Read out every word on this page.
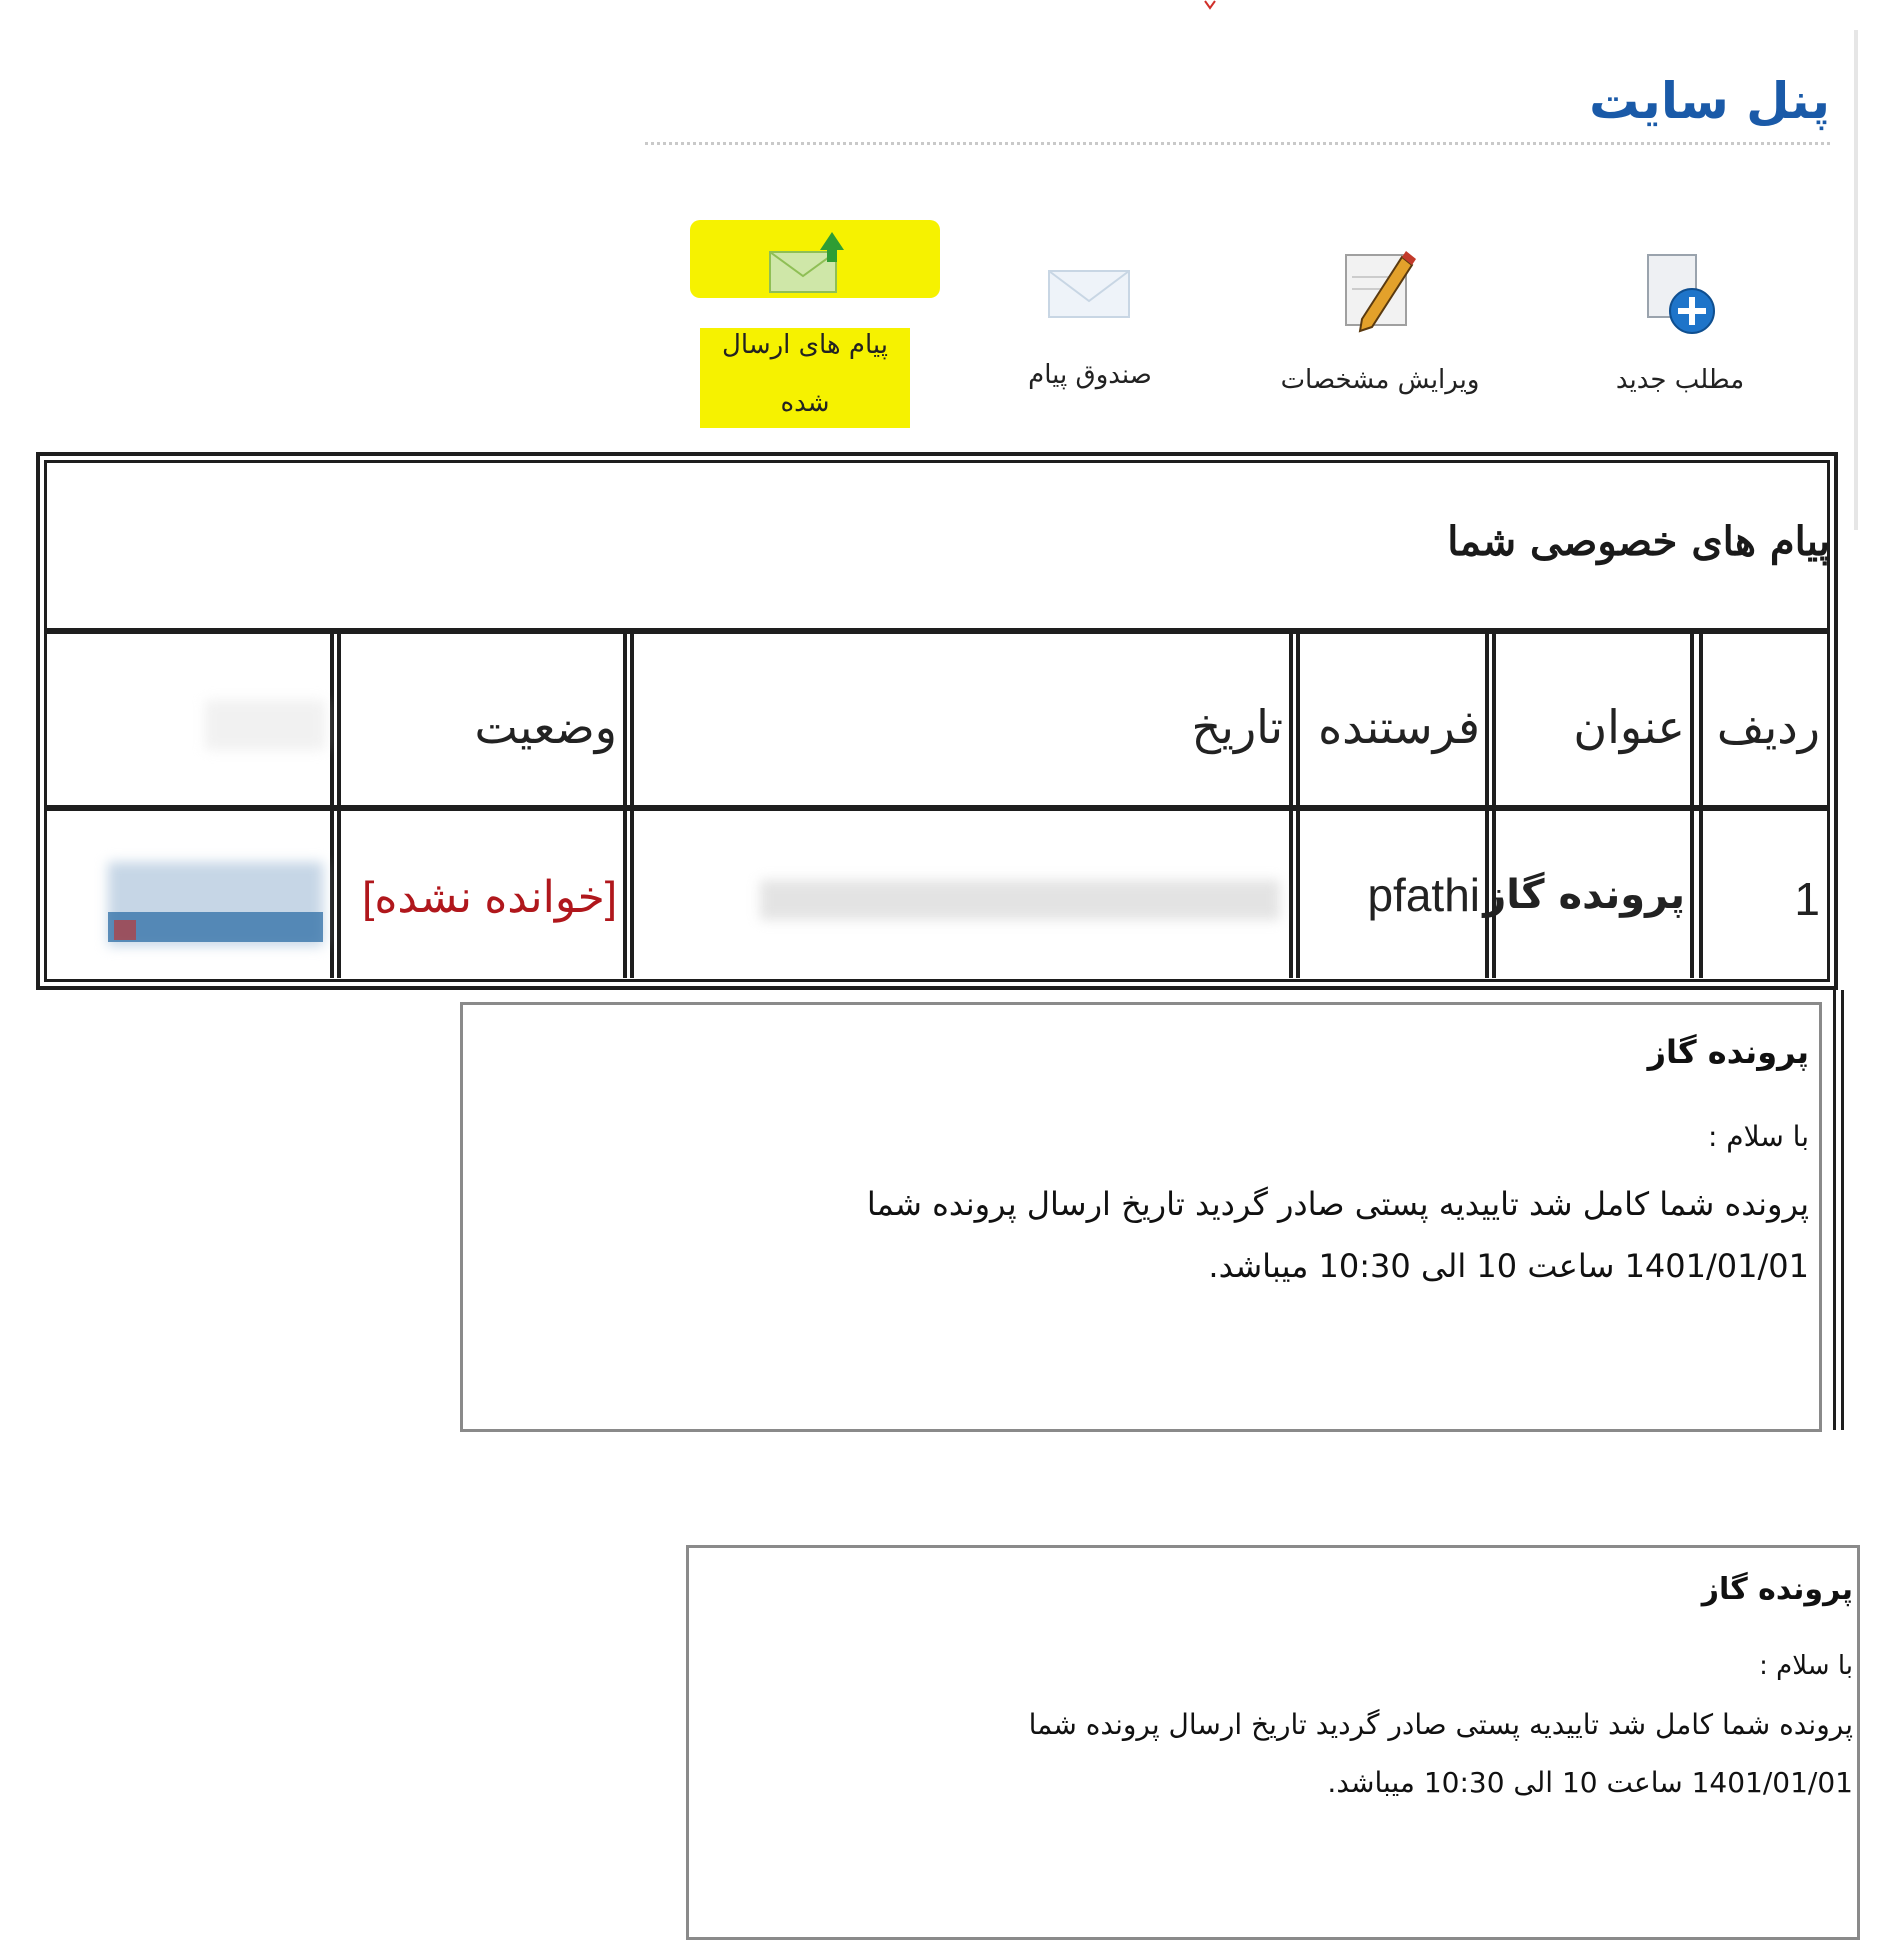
پنل سایت
مطلب جدید
ویرایش مشخصات
صندوق پیام
پیام های ارسال
شده
پیام های خصوصی شما
ردیف
عنوان
فرستنده
تاریخ
وضعیت
1
پرونده گاز
pfathi
[خوانده نشده]
پرونده گاز
با سلام :
پرونده شما کامل شد تاییدیه پستی صادر گردید تاریخ ارسال پرونده شما
1401/01/01 ساعت 10 الی 10:30 میباشد.
پرونده گاز
با سلام :
پرونده شما کامل شد تاییدیه پستی صادر گردید تاریخ ارسال پرونده شما
1401/01/01 ساعت 10 الی 10:30 میباشد.
